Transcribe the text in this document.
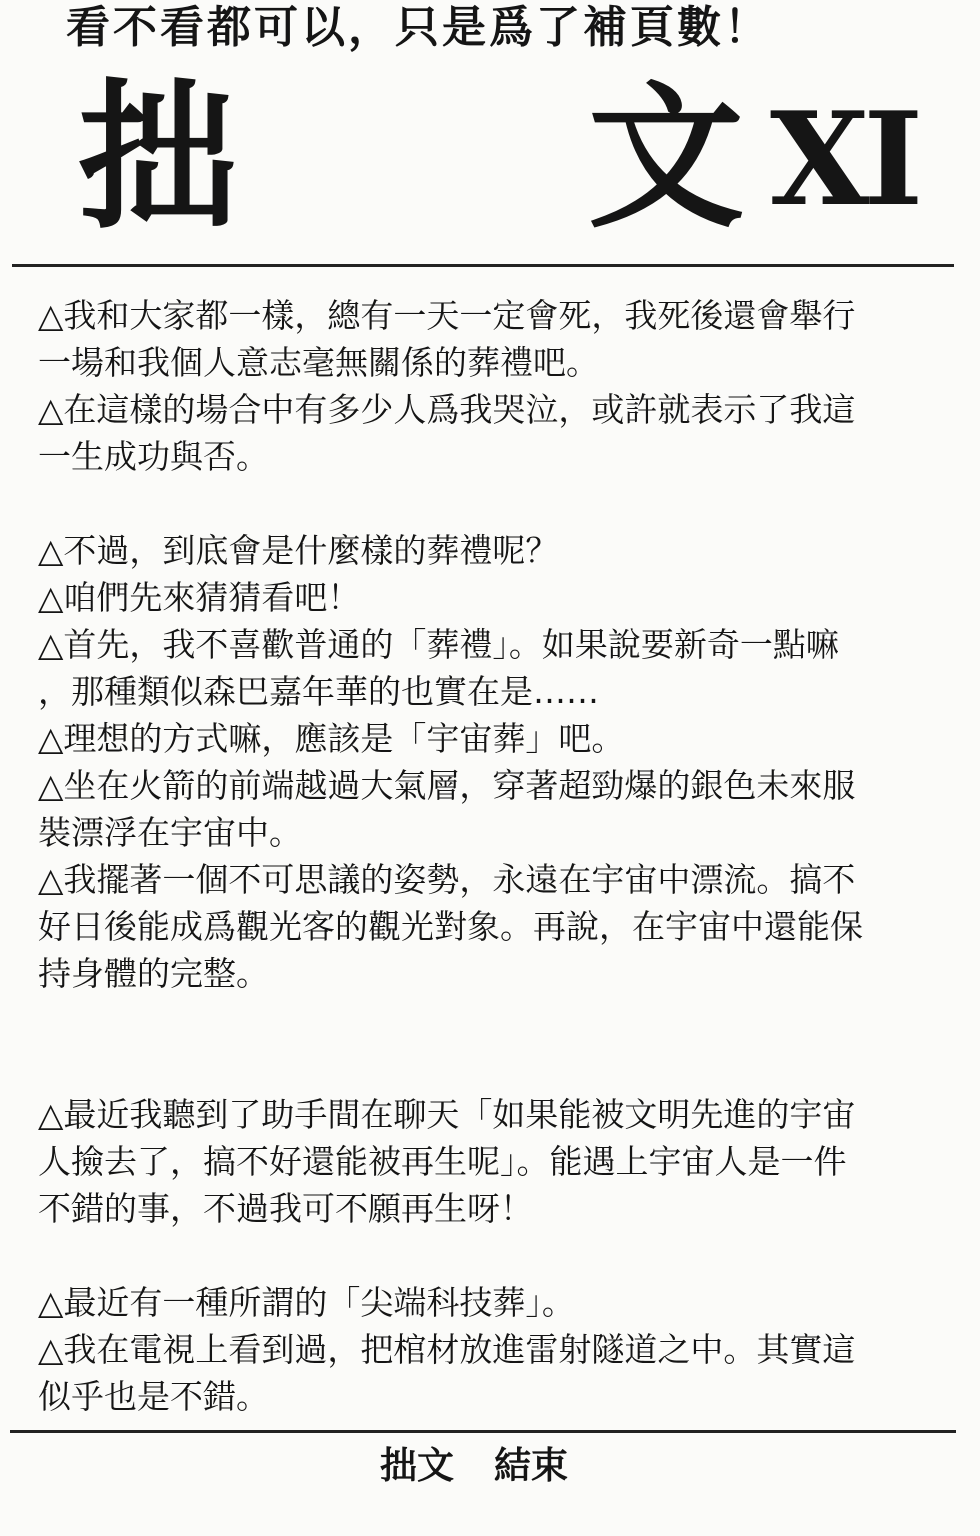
看不看都可以，只是爲了補頁數！
拙 文 XI
△我和大家都一樣，總有一天一定會死，我死後還會舉行
一場和我個人意志毫無關係的葬禮吧。
△在這樣的場合中有多少人爲我哭泣，或許就表示了我這
一生成功與否。
△不過，到底會是什麼樣的葬禮呢？
△咱們先來猜猜看吧！
△首先，我不喜歡普通的「葬禮」。如果說要新奇一點嘛
，那種類似森巴嘉年華的也實在是……
△理想的方式嘛，應該是「宇宙葬」吧。
△坐在火箭的前端越過大氣層，穿著超勁爆的銀色未來服
裝漂浮在宇宙中。
△我擺著一個不可思議的姿勢，永遠在宇宙中漂流。搞不
好日後能成爲觀光客的觀光對象。再說，在宇宙中還能保
持身體的完整。
△最近我聽到了助手間在聊天「如果能被文明先進的宇宙
人撿去了，搞不好還能被再生呢」。能遇上宇宙人是一件
不錯的事，不過我可不願再生呀！
△最近有一種所謂的「尖端科技葬」。
△我在電視上看到過，把棺材放進雷射隧道之中。其實這
似乎也是不錯。
拙文 結束
